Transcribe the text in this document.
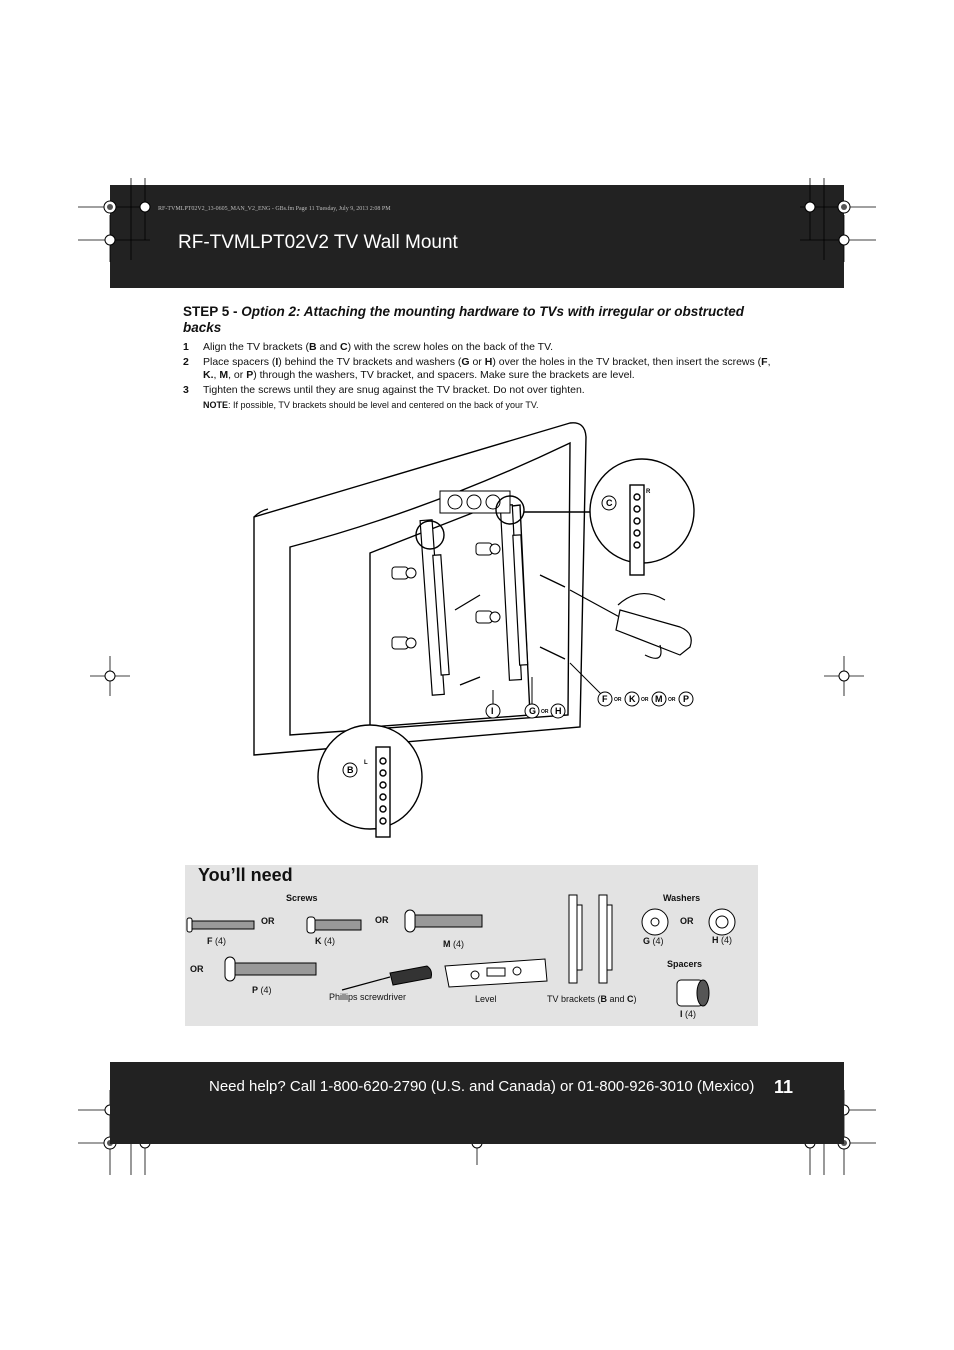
RF-TVMLPT02V2_13-0605_MAN_V2_ENG - GBs.fm Page 11 Tuesday, July 9, 2013 2:08 PM
RF-TVMLPT02V2 TV Wall Mount
STEP 5 - Option 2: Attaching the mounting hardware to TVs with irregular or obstructed backs
1 Align the TV brackets (B and C) with the screw holes on the back of the TV.
2 Place spacers (I) behind the TV brackets and washers (G or H) over the holes in the TV bracket, then insert the screws (F, K., M, or P) through the washers, TV bracket, and spacers. Make sure the brackets are level.
3 Tighten the screws until they are snug against the TV bracket. Do not over tighten.
NOTE: If possible, TV brackets should be level and centered on the back of your TV.
C
R
B
L
I	G OR H
F OR K OR M OR P
You’ll need
Screws	Washers
Spacers
OR	OR
OR
OR
F (4)	K (4)	M (4)
P (4)
G (4)	H (4)
I (4)
Phillips screwdriver	Level	TV brackets (B and C)
Need help? Call 1-800-620-2790 (U.S. and Canada) or 01-800-926-3010 (Mexico) 11
